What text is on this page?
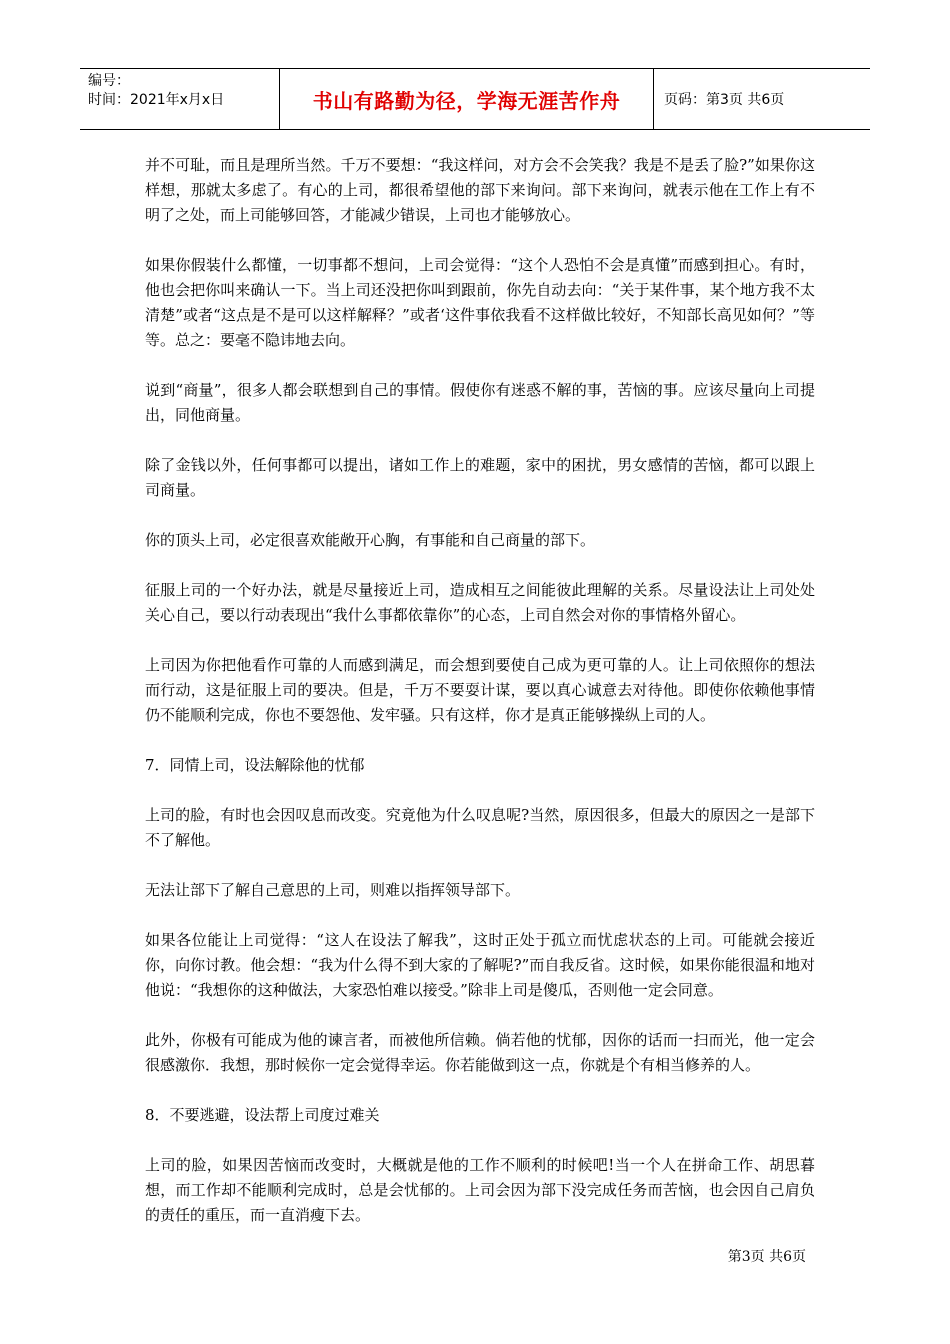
编号：
时间：2021年x月x日	书山有路勤为径，学海无涯苦作舟	页码：第3页 共6页

并不可耻，而且是理所当然。千万不要想：“我这样问，对方会不会笑我？我是不是丢了脸?”如果你这样想，那就太多虑了。有心的上司，都很希望他的部下来询问。部下来询问，就表示他在工作上有不明了之处，而上司能够回答，才能减少错误，上司也才能够放心。

如果你假装什么都懂，一切事都不想问，上司会觉得：“这个人恐怕不会是真懂”而感到担心。有时，他也会把你叫来确认一下。当上司还没把你叫到跟前，你先自动去向：“关于某件事，某个地方我不太清楚”或者“这点是不是可以这样解释？”或者‘这件事依我看不这样做比较好，不知部长高见如何？”等等。总之：要毫不隐讳地去向。

说到“商量”，很多人都会联想到自己的事情。假使你有迷惑不解的事，苦恼的事。应该尽量向上司提出，同他商量。

除了金钱以外，任何事都可以提出，诸如工作上的难题，家中的困扰，男女感情的苦恼，都可以跟上司商量。

你的顶头上司，必定很喜欢能敞开心胸，有事能和自己商量的部下。

征服上司的一个好办法，就是尽量接近上司，造成相互之间能彼此理解的关系。尽量设法让上司处处关心自己，要以行动表现出“我什么事都依靠你”的心态，上司自然会对你的事情格外留心。

上司因为你把他看作可靠的人而感到满足，而会想到要使自己成为更可靠的人。让上司依照你的想法而行动，这是征服上司的要决。但是，千万不要耍计谋，要以真心诚意去对待他。即使你依赖他事情仍不能顺利完成，你也不要怨他、发牢骚。只有这样，你才是真正能够操纵上司的人。

7．同情上司，设法解除他的忧郁

上司的脸，有时也会因叹息而改变。究竟他为什么叹息呢?当然，原因很多，但最大的原因之一是部下不了解他。

无法让部下了解自己意思的上司，则难以指挥领导部下。

如果各位能让上司觉得：“这人在设法了解我”，这时正处于孤立而忧虑状态的上司。可能就会接近你，向你讨教。他会想：“我为什么得不到大家的了解呢?”而自我反省。这时候，如果你能很温和地对他说：“我想你的这种做法，大家恐怕难以接受。”除非上司是傻瓜，否则他一定会同意。

此外，你极有可能成为他的谏言者，而被他所信赖。倘若他的忧郁，因你的话而一扫而光，他一定会很感激你．我想，那时候你一定会觉得幸运。你若能做到这一点，你就是个有相当修养的人。

8．不要逃避，设法帮上司度过难关

上司的脸，如果因苦恼而改变时，大概就是他的工作不顺利的时候吧!当一个人在拼命工作、胡思暮想，而工作却不能顺利完成时，总是会忧郁的。上司会因为部下没完成任务而苦恼，也会因自己肩负的责任的重压，而一直消瘦下去。

第3页 共6页
